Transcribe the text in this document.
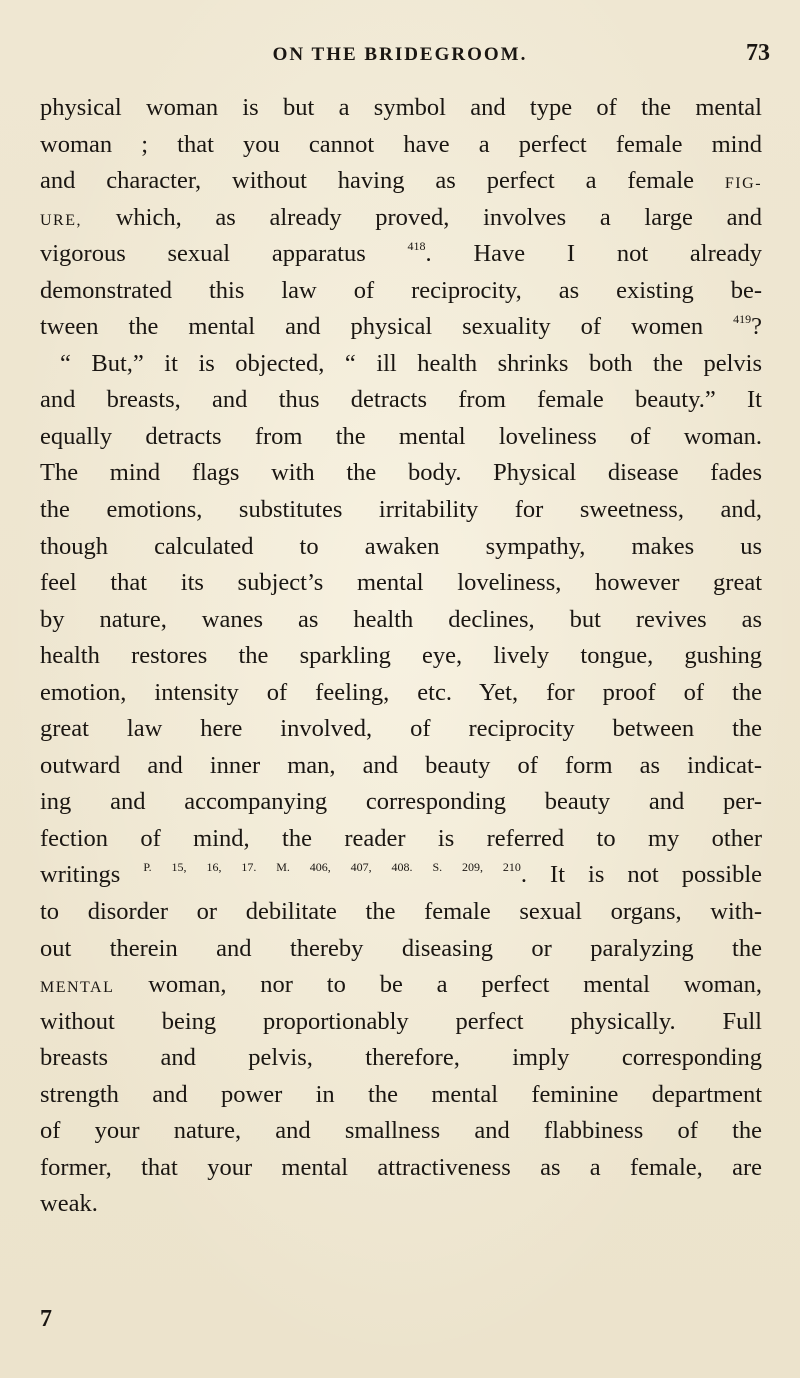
ON THE BRIDEGROOM.	73
physical woman is but a symbol and type of the mental
woman ; that you cannot have a perfect female mind
and character, without having as perfect a female FIG-
URE, which, as already proved, involves a large and
vigorous sexual apparatus	$^{418}$. Have I not already
demonstrated this law of reciprocity, as existing be-
tween the mental and physical sexuality of women	$^{419}$?
“ But,” it is objected, “ ill health shrinks both the pelvis
and breasts, and thus detracts from female beauty.” It
equally detracts from the mental loveliness of woman.
The mind flags with the body. Physical disease fades
the emotions, substitutes irritability for sweetness, and,
though calculated to awaken sympathy, makes us
feel that its subject’s mental loveliness, however great
by nature, wanes as health declines, but revives as
health restores the sparkling eye, lively tongue, gushing
emotion, intensity of feeling, etc. Yet, for proof of the
great law here involved, of reciprocity between the
outward and inner man, and beauty of form as indicat-
ing and accompanying corresponding beauty and per-
fection of mind, the reader is referred to my other
writings $^{P. 15, 16, 17. M. 406, 407, 408. S. 209, 210}$. It is not possible
to disorder or debilitate the female sexual organs, with-
out therein and thereby diseasing or paralyzing the
MENTAL woman, nor to be a perfect mental woman,
without being proportionably perfect physically. Full
breasts and pelvis, therefore, imply corresponding
strength and power in the mental feminine department
of your nature, and smallness and flabbiness of the
former, that your mental attractiveness as a female, are
weak.
7
